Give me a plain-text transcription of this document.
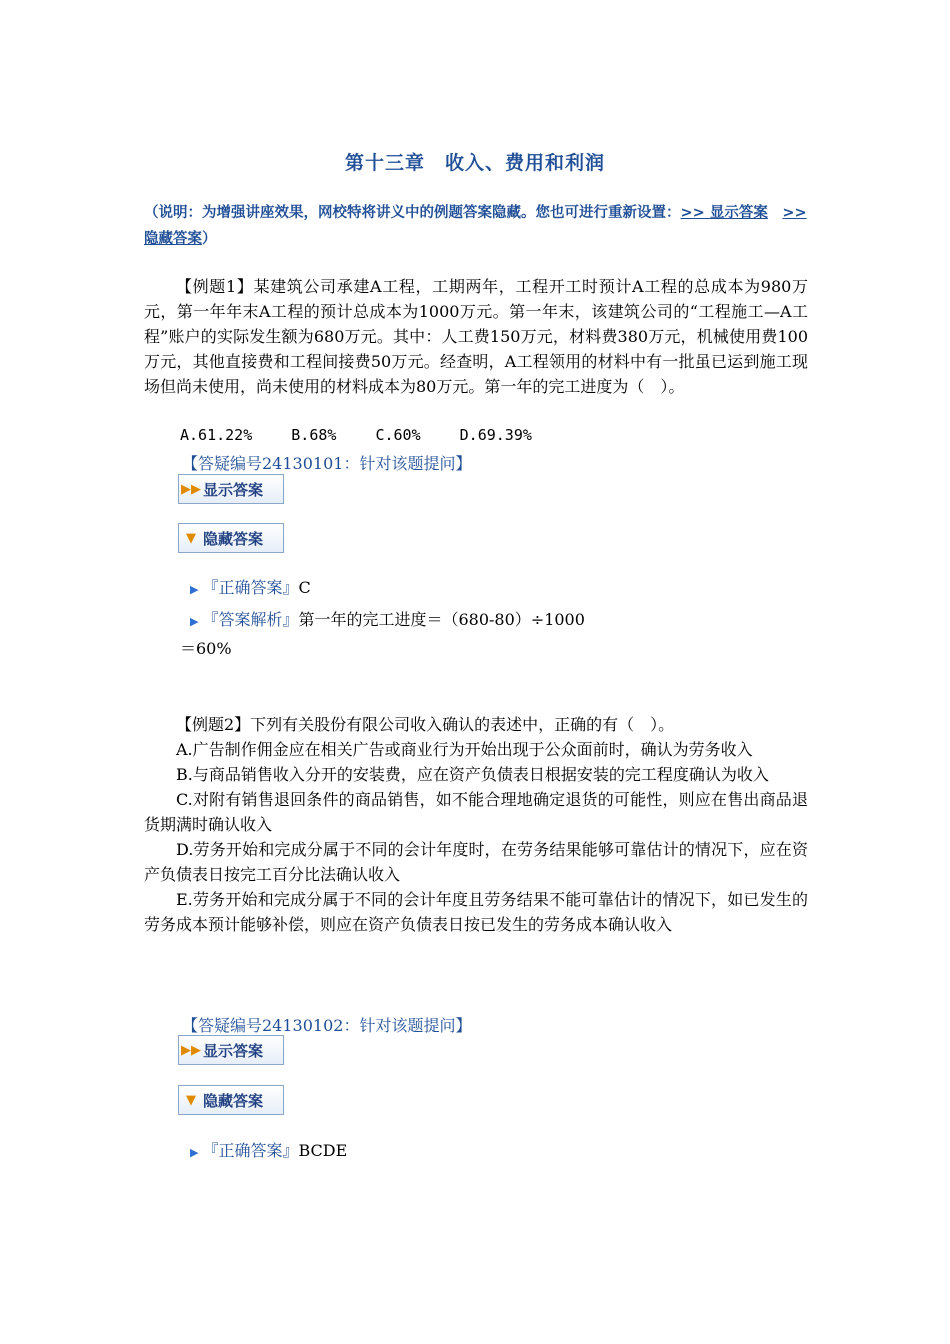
第十三章　收入、费用和利润
（说明：为增强讲座效果，网校特将讲义中的例题答案隐藏。您也可进行重新设置：>> 显示答案　 >> 隐藏答案）

【例题1】某建筑公司承建A工程，工期两年，工程开工时预计A工程的总成本为980万元，第一年年末A工程的预计总成本为1000万元。第一年末，该建筑公司的“工程施工—A工程”账户的实际发生额为680万元。其中：人工费150万元，材料费380万元，机械使用费100万元，其他直接费和工程间接费50万元。经查明，A工程领用的材料中有一批虽已运到施工现场但尚未使用，尚未使用的材料成本为80万元。第一年的完工进度为（　）。

A.61.22%	B.68%	C.60%	D.69.39%
【答疑编号24130101：针对该题提问】
▶▶ 显示答案
▼ 隐藏答案
▶ 『正确答案』C
▶ 『答案解析』第一年的完工进度＝（680-80）÷1000
＝60%

【例题2】下列有关股份有限公司收入确认的表述中，正确的有（　）。

A.广告制作佣金应在相关广告或商业行为开始出现于公众面前时，确认为劳务收入

B.与商品销售收入分开的安装费，应在资产负债表日根据安装的完工程度确认为收入

C.对附有销售退回条件的商品销售，如不能合理地确定退货的可能性，则应在售出商品退货期满时确认收入

D.劳务开始和完成分属于不同的会计年度时，在劳务结果能够可靠估计的情况下，应在资产负债表日按完工百分比法确认收入

E.劳务开始和完成分属于不同的会计年度且劳务结果不能可靠估计的情况下，如已发生的劳务成本预计能够补偿，则应在资产负债表日按已发生的劳务成本确认收入

【答疑编号24130102：针对该题提问】
▶▶ 显示答案
▼ 隐藏答案
▶ 『正确答案』BCDE
